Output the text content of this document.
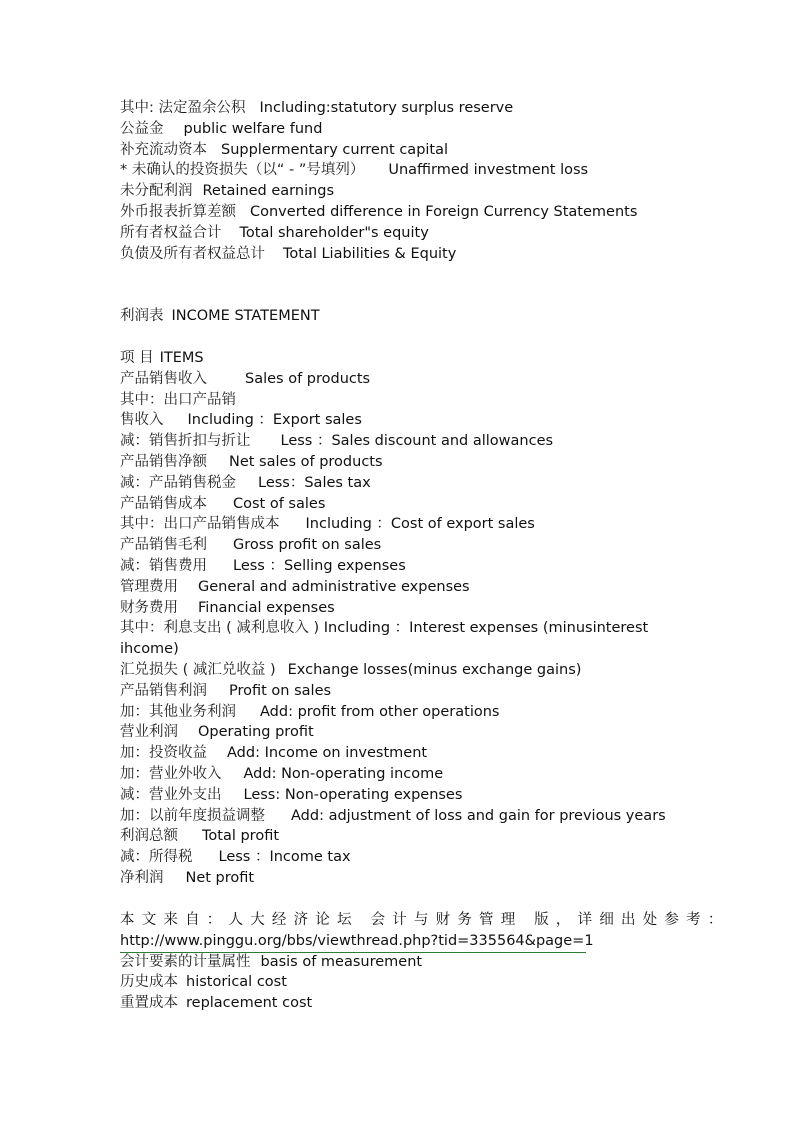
其中: 法定盈余公积 Including:statutory surplus reserve
公益金 public welfare fund
补充流动资本 Supplermentary current capital
* 未确认的投资损失（以“ - ”号填列） Unaffirmed investment loss
未分配利润 Retained earnings
外币报表折算差额 Converted difference in Foreign Currency Statements
所有者权益合计 Total shareholder"s equity
负债及所有者权益总计 Total Liabilities & Equity
利润表 INCOME STATEMENT
项 目 ITEMS
产品销售收入	Sales of products
其中：出口产品销
售收入 Including ：Export sales
减：销售折扣与折让 Less ：Sales discount and allowances
产品销售净额 Net sales of products
减：产品销售税金 Less：Sales tax
产品销售成本 Cost of sales
其中：出口产品销售成本 Including ：Cost of export sales
产品销售毛利 Gross profit on sales
减：销售费用 Less ：Selling expenses
管理费用 General and administrative expenses
财务费用 Financial expenses
其中：利息支出 ( 减利息收入 ) Including ：Interest expenses (minusinterest ihcome)
汇兑损失 ( 减汇兑收益 ) Exchange losses(minus exchange gains)
产品销售利润 Profit on sales
加：其他业务利润 Add: profit from other operations
营业利润 Operating profit
加：投资收益 Add: Income on investment
加：营业外收入 Add: Non-operating income
减：营业外支出 Less: Non-operating expenses
加：以前年度损益调整 Add: adjustment of loss and gain for previous years
利润总额 Total profit
减：所得税 Less ：Income tax
净利润 Net profit
本文来自：人大经济论坛 会计与财务管理 版，详细出处参考：
http://www.pinggu.org/bbs/viewthread.php?tid=335564&page=1
会计要素的计量属性 basis of measurement
历史成本 historical cost
重置成本 replacement cost
